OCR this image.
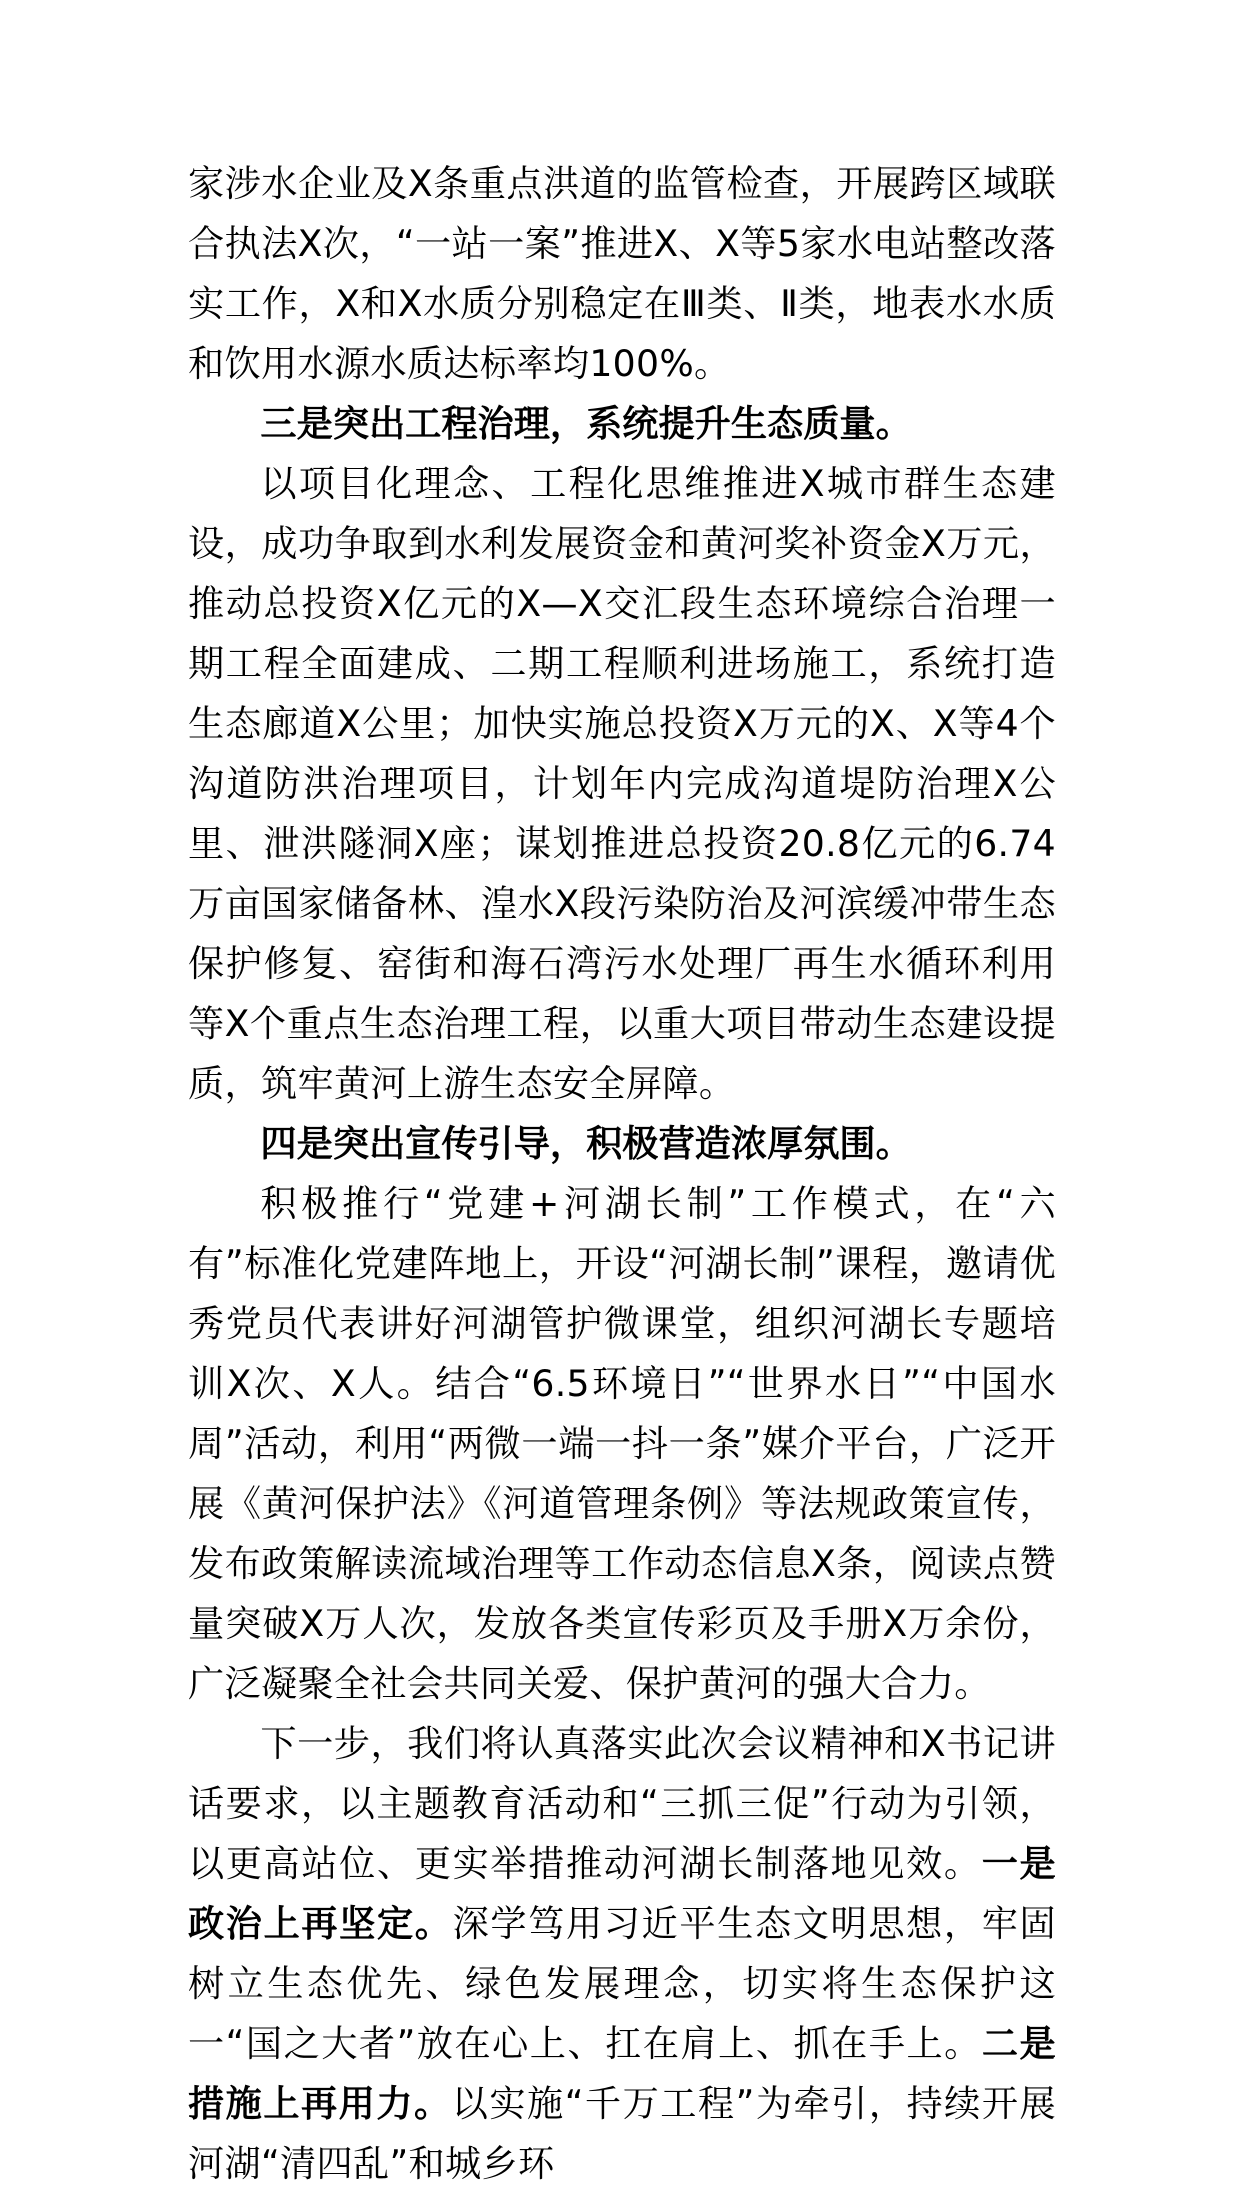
家涉水企业及X条重点洪道的监管检查，开展跨区域联合执法X次，“一站一案”推进X、X等5家水电站整改落实工作，X和X水质分别稳定在Ⅲ类、Ⅱ类，地表水水质和饮用水源水质达标率均100%。

三是突出工程治理，系统提升生态质量。

以项目化理念、工程化思维推进X城市群生态建设，成功争取到水利发展资金和黄河奖补资金X万元，推动总投资X亿元的X—X交汇段生态环境综合治理一期工程全面建成、二期工程顺利进场施工，系统打造生态廊道X公里；加快实施总投资X万元的X、X等4个沟道防洪治理项目，计划年内完成沟道堤防治理X公里、泄洪隧洞X座；谋划推进总投资20.8亿元的6.74万亩国家储备林、湟水X段污染防治及河滨缓冲带生态保护修复、窑街和海石湾污水处理厂再生水循环利用等X个重点生态治理工程，以重大项目带动生态建设提质，筑牢黄河上游生态安全屏障。

四是突出宣传引导，积极营造浓厚氛围。

积极推行“党建+河湖长制”工作模式，在“六有”标准化党建阵地上，开设“河湖长制”课程，邀请优秀党员代表讲好河湖管护微课堂，组织河湖长专题培训X次、X人。结合“6.5环境日”“世界水日”“中国水周”活动，利用“两微一端一抖一条”媒介平台，广泛开展《黄河保护法》《河道管理条例》等法规政策宣传，发布政策解读流域治理等工作动态信息X条，阅读点赞量突破X万人次，发放各类宣传彩页及手册X万余份，广泛凝聚全社会共同关爱、保护黄河的强大合力。

下一步，我们将认真落实此次会议精神和X书记讲话要求，以主题教育活动和“三抓三促”行动为引领，以更高站位、更实举措推动河湖长制落地见效。一是政治上再坚定。深学笃用习近平生态文明思想，牢固树立生态优先、绿色发展理念，切实将生态保护这一“国之大者”放在心上、扛在肩上、抓在手上。二是措施上再用力。以实施“千万工程”为牵引，持续开展河湖“清四乱”和城乡环
